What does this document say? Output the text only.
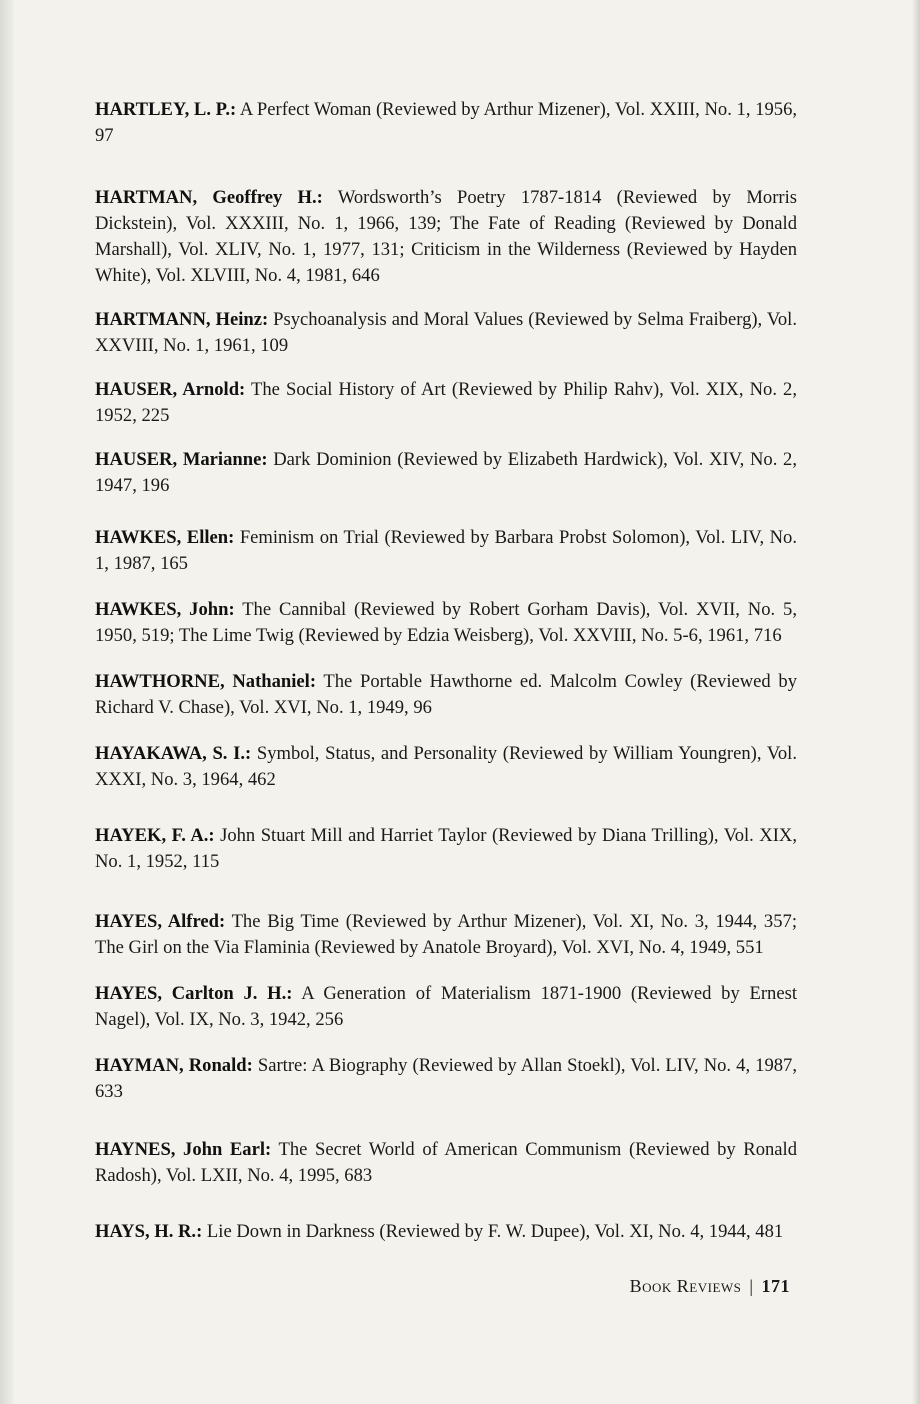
HARTLEY, L. P.: A Perfect Woman (Reviewed by Arthur Mizener), Vol. XXIII, No. 1, 1956, 97

HARTMAN, Geoffrey H.: Wordsworth’s Poetry 1787-1814 (Reviewed by Morris Dickstein), Vol. XXXIII, No. 1, 1966, 139; The Fate of Reading (Reviewed by Donald Marshall), Vol. XLIV, No. 1, 1977, 131; Criticism in the Wilderness (Reviewed by Hayden White), Vol. XLVIII, No. 4, 1981, 646

HARTMANN, Heinz: Psychoanalysis and Moral Values (Reviewed by Selma Fraiberg), Vol. XXVIII, No. 1, 1961, 109

HAUSER, Arnold: The Social History of Art (Reviewed by Philip Rahv), Vol. XIX, No. 2, 1952, 225

HAUSER, Marianne: Dark Dominion (Reviewed by Elizabeth Hardwick), Vol. XIV, No. 2, 1947, 196

HAWKES, Ellen: Feminism on Trial (Reviewed by Barbara Probst Solomon), Vol. LIV, No. 1, 1987, 165

HAWKES, John: The Cannibal (Reviewed by Robert Gorham Davis), Vol. XVII, No. 5, 1950, 519; The Lime Twig (Reviewed by Edzia Weisberg), Vol. XXVIII, No. 5-6, 1961, 716

HAWTHORNE, Nathaniel: The Portable Hawthorne ed. Malcolm Cowley (Reviewed by Richard V. Chase), Vol. XVI, No. 1, 1949, 96

HAYAKAWA, S. I.: Symbol, Status, and Personality (Reviewed by William Youngren), Vol. XXXI, No. 3, 1964, 462

HAYEK, F. A.: John Stuart Mill and Harriet Taylor (Reviewed by Diana Trilling), Vol. XIX, No. 1, 1952, 115

HAYES, Alfred: The Big Time (Reviewed by Arthur Mizener), Vol. XI, No. 3, 1944, 357; The Girl on the Via Flaminia (Reviewed by Anatole Broyard), Vol. XVI, No. 4, 1949, 551

HAYES, Carlton J. H.: A Generation of Materialism 1871-1900 (Reviewed by Ernest Nagel), Vol. IX, No. 3, 1942, 256

HAYMAN, Ronald: Sartre: A Biography (Reviewed by Allan Stoekl), Vol. LIV, No. 4, 1987, 633

HAYNES, John Earl: The Secret World of American Communism (Reviewed by Ronald Radosh), Vol. LXII, No. 4, 1995, 683

HAYS, H. R.: Lie Down in Darkness (Reviewed by F. W. Dupee), Vol. XI, No. 4, 1944, 481

Book Reviews | 171
